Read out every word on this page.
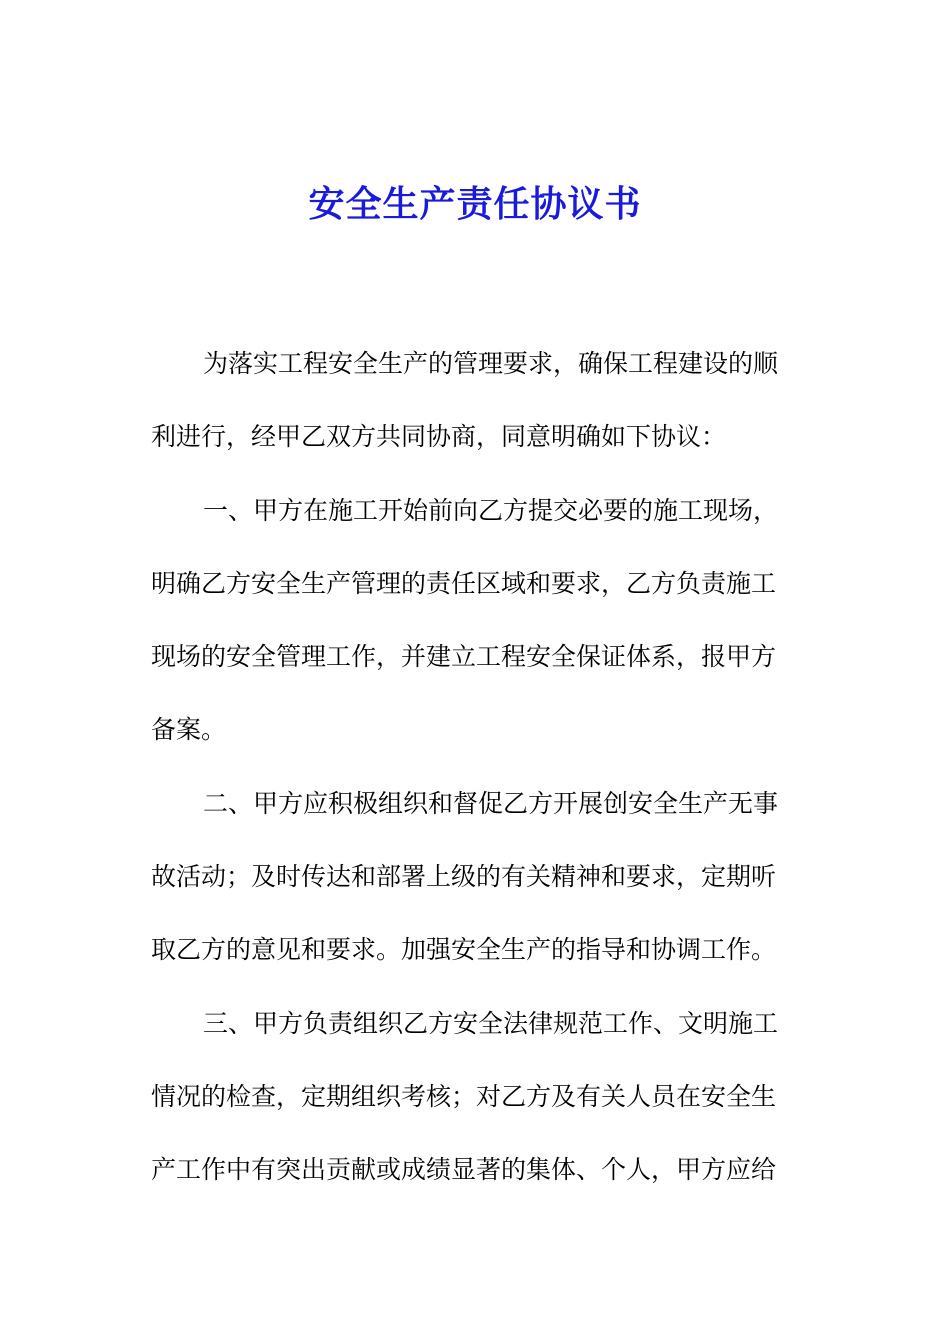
安全生产责任协议书
为落实工程安全生产的管理要求，确保工程建设的顺
利进行，经甲乙双方共同协商，同意明确如下协议：
一、甲方在施工开始前向乙方提交必要的施工现场，
明确乙方安全生产管理的责任区域和要求，乙方负责施工
现场的安全管理工作，并建立工程安全保证体系，报甲方
备案。
二、甲方应积极组织和督促乙方开展创安全生产无事
故活动；及时传达和部署上级的有关精神和要求，定期听
取乙方的意见和要求。加强安全生产的指导和协调工作。
三、甲方负责组织乙方安全法律规范工作、文明施工
情况的检查，定期组织考核；对乙方及有关人员在安全生
产工作中有突出贡献或成绩显著的集体、个人，甲方应给
